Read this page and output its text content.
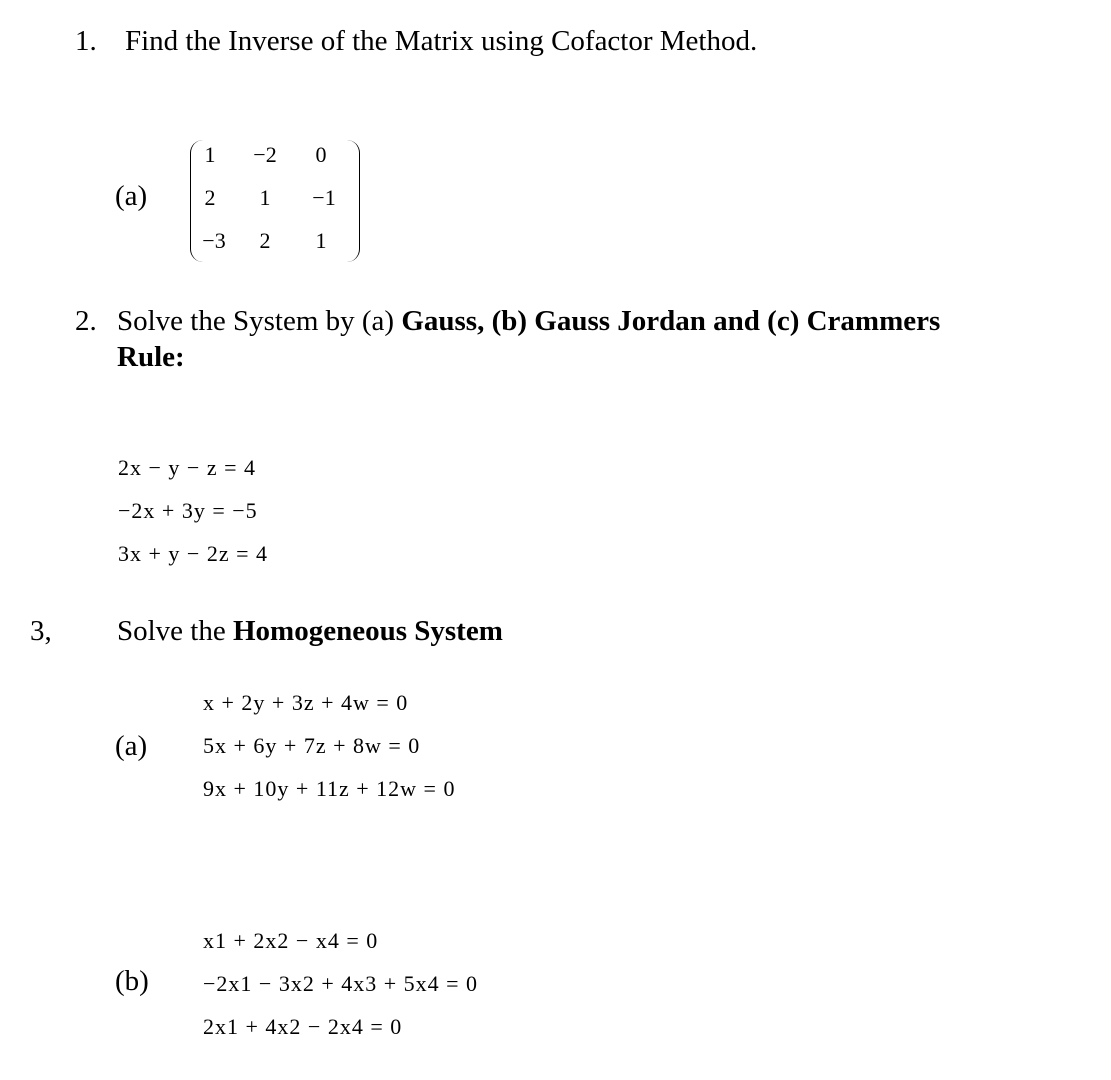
1. Find the Inverse of the Matrix using Cofactor Method.
(a)
1	−2	0
2	1	−1
−3	2	1
2. Solve the System by (a) Gauss, (b) Gauss Jordan and (c) Crammers
Rule:
2x − y − z = 4
−2x + 3y = −5
3x + y − 2z = 4
3, Solve the Homogeneous System
(a)
x + 2y + 3z + 4w = 0
5x + 6y + 7z + 8w = 0
9x + 10y + 11z + 12w = 0
(b)
x1 + 2x2 − x4 = 0
−2x1 − 3x2 + 4x3 + 5x4 = 0
2x1 + 4x2 − 2x4 = 0
